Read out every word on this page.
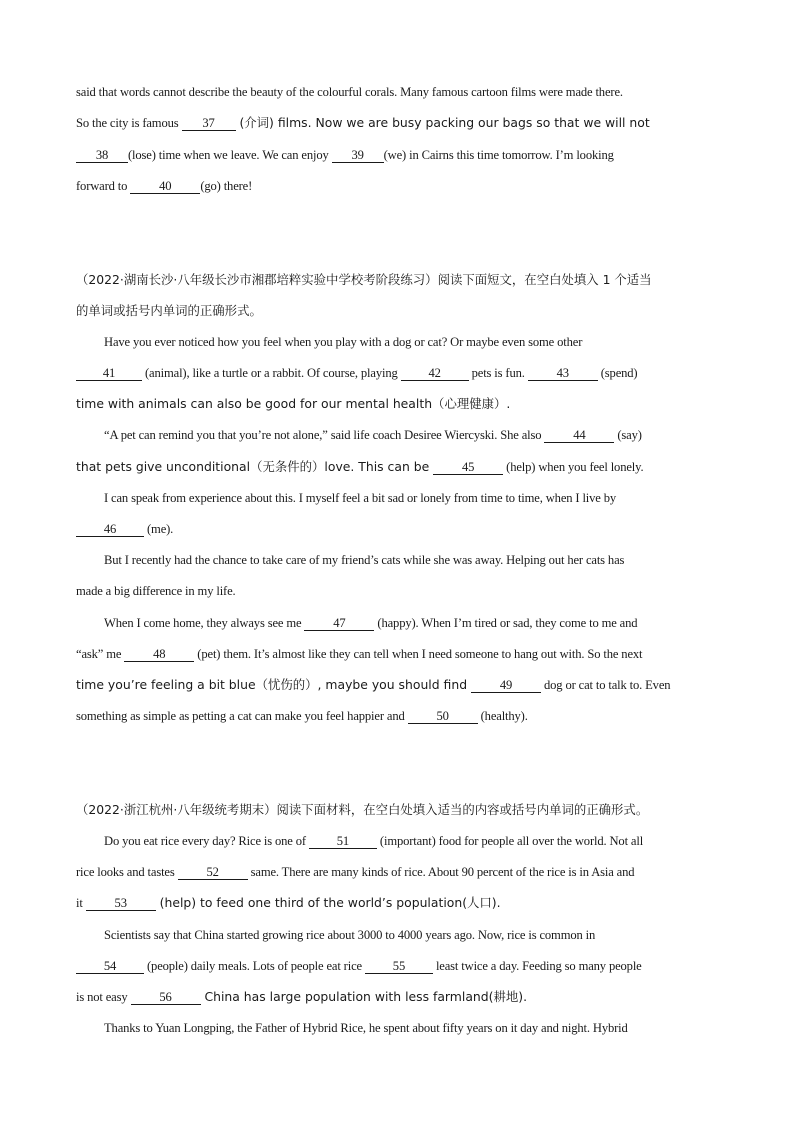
said that words cannot describe the beauty of the colourful corals. Many famous cartoon films were made there.
So the city is famous 37 (介词) films. Now we are busy packing our bags so that we will not
38 (lose) time when we leave. We can enjoy 39 (we) in Cairns this time tomorrow. I’m looking
forward to 40 (go) there!
（2022·湖南长沙·八年级长沙市湘郡培粹实验中学校考阶段练习）阅读下面短文，在空白处填入 1 个适当
的单词或括号内单词的正确形式。
Have you ever noticed how you feel when you play with a dog or cat? Or maybe even some other
41 (animal), like a turtle or a rabbit. Of course, playing 42 pets is fun. 43 (spend)
time with animals can also be good for our mental health（心理健康）.
“A pet can remind you that you’re not alone,” said life coach Desiree Wiercyski. She also 44 (say)
that pets give unconditional（无条件的）love. This can be 45 (help) when you feel lonely.
I can speak from experience about this. I myself feel a bit sad or lonely from time to time, when I live by
46 (me).
But I recently had the chance to take care of my friend’s cats while she was away. Helping out her cats has
made a big difference in my life.
When I come home, they always see me 47 (happy). When I’m tired or sad, they come to me and
“ask” me 48 (pet) them. It’s almost like they can tell when I need someone to hang out with. So the next
time you’re feeling a bit blue（忧伤的）, maybe you should find 49 dog or cat to talk to. Even
something as simple as petting a cat can make you feel happier and 50 (healthy).
（2022·浙江杭州·八年级统考期末）阅读下面材料，在空白处填入适当的内容或括号内单词的正确形式。
Do you eat rice every day? Rice is one of 51 (important) food for people all over the world. Not all
rice looks and tastes 52 same. There are many kinds of rice. About 90 percent of the rice is in Asia and
it 53 (help) to feed one third of the world’s population(人口).
Scientists say that China started growing rice about 3000 to 4000 years ago. Now, rice is common in
54 (people) daily meals. Lots of people eat rice 55 least twice a day. Feeding so many people
is not easy 56 China has large population with less farmland(耕地).
Thanks to Yuan Longping, the Father of Hybrid Rice, he spent about fifty years on it day and night. Hybrid
